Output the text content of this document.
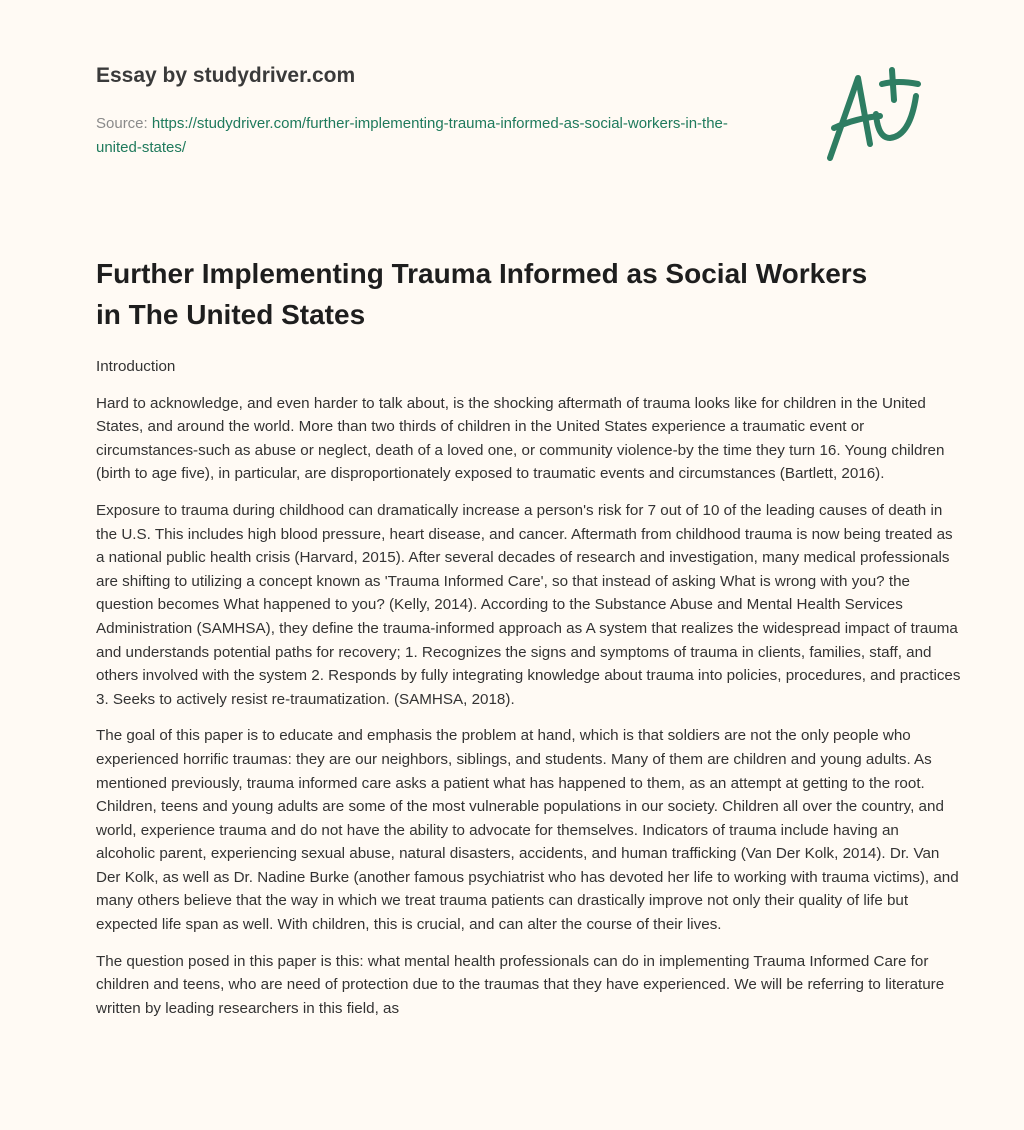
Essay by studydriver.com
Source: https://studydriver.com/further-implementing-trauma-informed-as-social-workers-in-the-united-states/
Further Implementing Trauma Informed as Social Workers in The United States

Introduction

Hard to acknowledge, and even harder to talk about, is the shocking aftermath of trauma looks like for children in the United States, and around the world. More than two thirds of children in the United States experience a traumatic event or circumstances-such as abuse or neglect, death of a loved one, or community violence-by the time they turn 16. Young children (birth to age five), in particular, are disproportionately exposed to traumatic events and circumstances (Bartlett, 2016).

Exposure to trauma during childhood can dramatically increase a person's risk for 7 out of 10 of the leading causes of death in the U.S. This includes high blood pressure, heart disease, and cancer. Aftermath from childhood trauma is now being treated as a national public health crisis (Harvard, 2015). After several decades of research and investigation, many medical professionals are shifting to utilizing a concept known as 'Trauma Informed Care', so that instead of asking What is wrong with you? the question becomes What happened to you? (Kelly, 2014). According to the Substance Abuse and Mental Health Services Administration (SAMHSA), they define the trauma-informed approach as A system that realizes the widespread impact of trauma and understands potential paths for recovery; 1. Recognizes the signs and symptoms of trauma in clients, families, staff, and others involved with the system 2. Responds by fully integrating knowledge about trauma into policies, procedures, and practices 3. Seeks to actively resist re-traumatization. (SAMHSA, 2018).

The goal of this paper is to educate and emphasis the problem at hand, which is that soldiers are not the only people who experienced horrific traumas: they are our neighbors, siblings, and students. Many of them are children and young adults. As mentioned previously, trauma informed care asks a patient what has happened to them, as an attempt at getting to the root. Children, teens and young adults are some of the most vulnerable populations in our society. Children all over the country, and world, experience trauma and do not have the ability to advocate for themselves. Indicators of trauma include having an alcoholic parent, experiencing sexual abuse, natural disasters, accidents, and human trafficking (Van Der Kolk, 2014). Dr. Van Der Kolk, as well as Dr. Nadine Burke (another famous psychiatrist who has devoted her life to working with trauma victims), and many others believe that the way in which we treat trauma patients can drastically improve not only their quality of life but expected life span as well. With children, this is crucial, and can alter the course of their lives.

The question posed in this paper is this: what mental health professionals can do in implementing Trauma Informed Care for children and teens, who are need of protection due to the traumas that they have experienced. We will be referring to literature written by leading researchers in this field, as
